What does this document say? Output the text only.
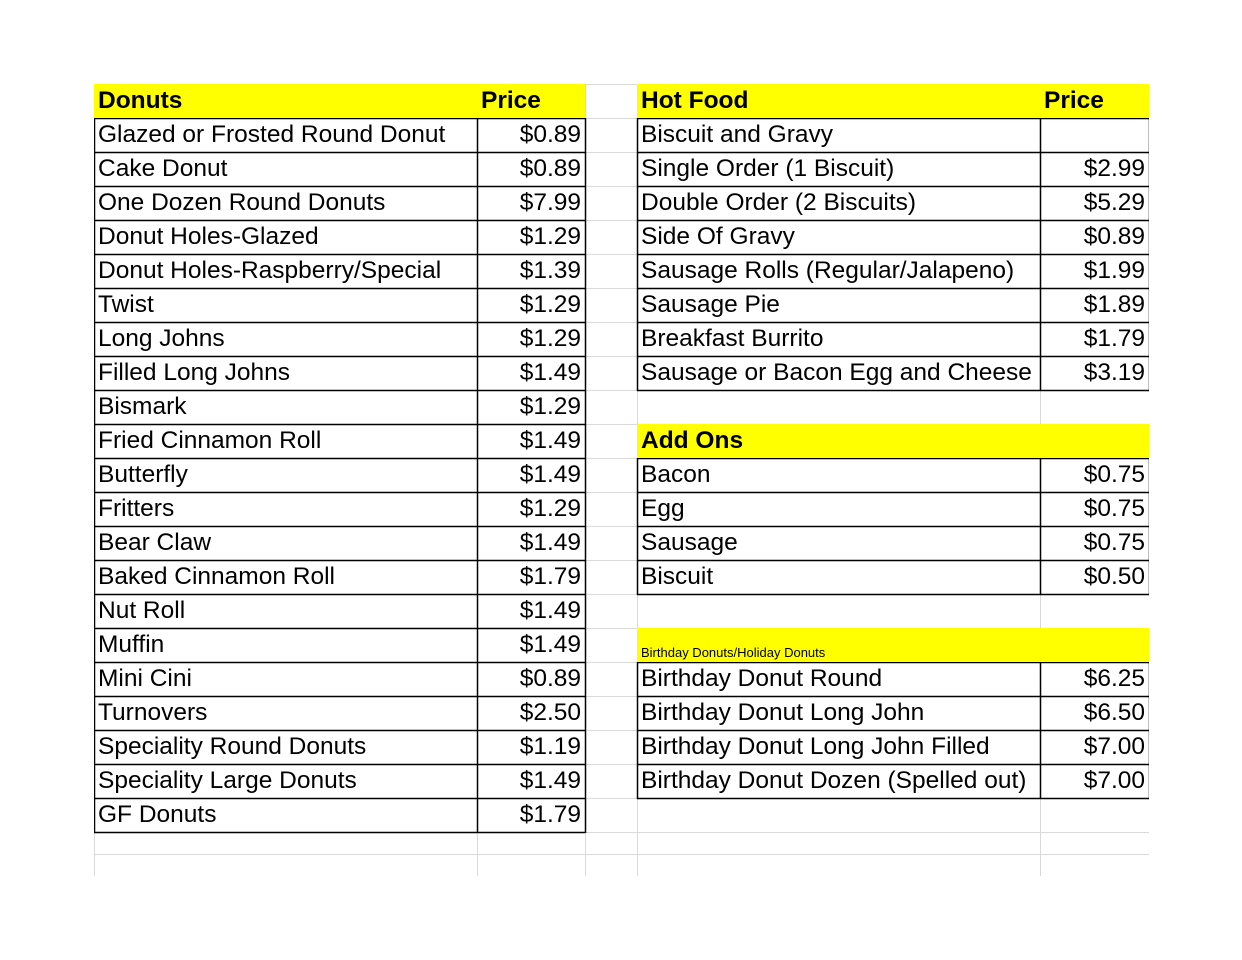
Donuts	Price
Glazed or Frosted Round Donut	$0.89
Cake Donut	$0.89
One Dozen Round Donuts	$7.99
Donut Holes-Glazed	$1.29
Donut Holes-Raspberry/Special	$1.39
Twist	$1.29
Long Johns	$1.29
Filled Long Johns	$1.49
Bismark	$1.29
Fried Cinnamon Roll	$1.49
Butterfly	$1.49
Fritters	$1.29
Bear Claw	$1.49
Baked Cinnamon Roll	$1.79
Nut Roll	$1.49
Muffin	$1.49
Mini Cini	$0.89
Turnovers	$2.50
Speciality Round Donuts	$1.19
Speciality Large Donuts	$1.49
GF Donuts	$1.79
Hot Food	Price
Biscuit and Gravy
Single Order (1 Biscuit)	$2.99
Double Order (2 Biscuits)	$5.29
Side Of Gravy	$0.89
Sausage Rolls (Regular/Jalapeno)	$1.99
Sausage Pie	$1.89
Breakfast Burrito	$1.79
Sausage or Bacon Egg and Cheese $3.19
Add Ons
Bacon	$0.75
Egg	$0.75
Sausage	$0.75
Biscuit	$0.50
Birthday Donuts/Holiday Donuts
Birthday Donut Round	$6.25
Birthday Donut Long John	$6.50
Birthday Donut Long John Filled	$7.00
Birthday Donut Dozen (Spelled out) $7.00
